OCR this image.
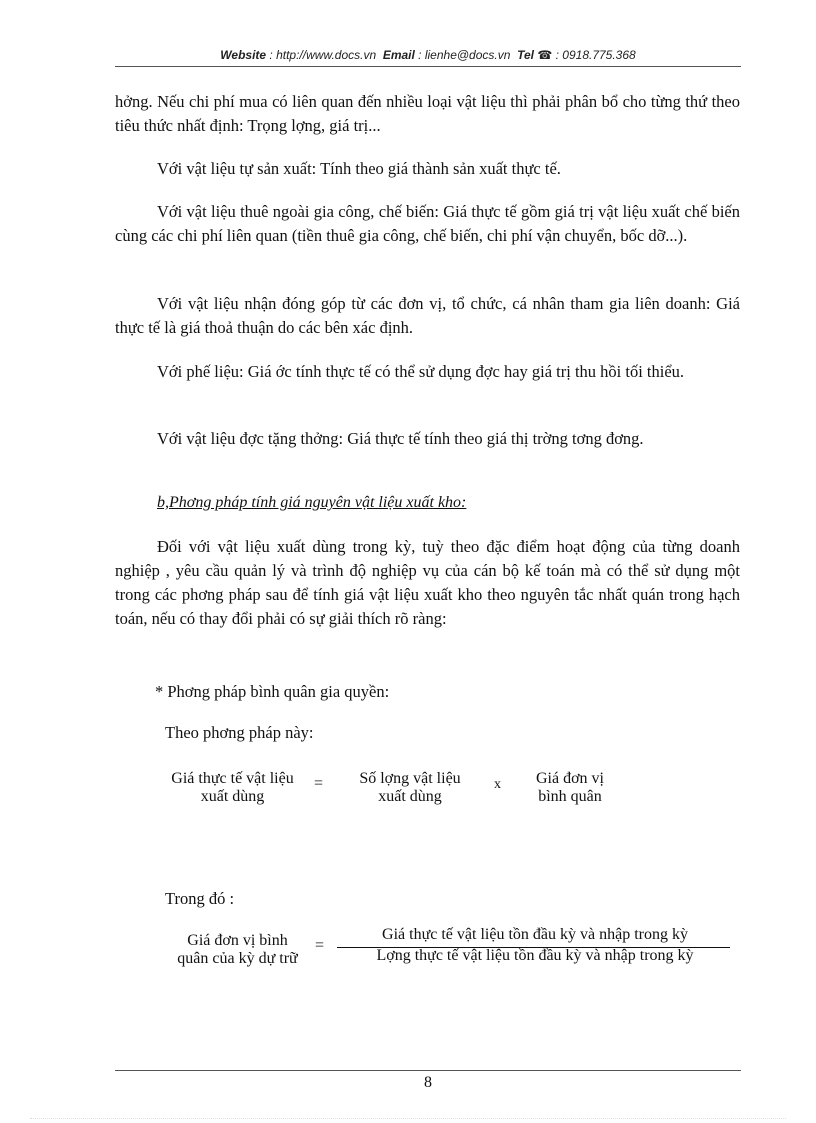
Website : http://www.docs.vn Email : lienhe@docs.vn Tel ☎ : 0918.775.368

hởng. Nếu chi phí mua có liên quan đến nhiều loại vật liệu thì phải phân bổ cho từng thứ theo tiêu thức nhất định: Trọng lợng, giá trị...

Với vật liệu tự sản xuất: Tính theo giá thành sản xuất thực tế.

Với vật liệu thuê ngoài gia công, chế biến: Giá thực tế gồm giá trị vật liệu xuất chế biến cùng các chi phí liên quan (tiền thuê gia công, chế biến, chi phí vận chuyển, bốc dỡ...).

Với vật liệu nhận đóng góp từ các đơn vị, tổ chức, cá nhân tham gia liên doanh: Giá thực tế là giá thoả thuận do các bên xác định.

Với phế liệu: Giá ớc tính thực tế có thể sử dụng đợc hay giá trị thu hồi tối thiểu.

Với vật liệu đợc tặng thởng: Giá thực tế tính theo giá thị trờng tơng đơng.

b,Phơng pháp tính giá nguyên vật liệu xuất kho:

Đối với vật liệu xuất dùng trong kỳ, tuỳ theo đặc điểm hoạt động của từng doanh nghiệp , yêu cầu quản lý và trình độ nghiệp vụ của cán bộ kế toán mà có thể sử dụng một trong các phơng pháp sau để tính giá vật liệu xuất kho theo nguyên tắc nhất quán trong hạch toán, nếu có thay đổi phải có sự giải thích rõ ràng:

* Phơng pháp bình quân gia quyền:
Theo phơng pháp này:
Giá thực tế vật liệu
xuất dùng
=	Số lợng vật liệu
xuất dùng
x	Giá đơn vị
bình quân
Trong đó :
Giá đơn vị bình
quân của kỳ dự trữ
=
Giá thực tế vật liệu tồn đầu kỳ và nhập trong kỳ
Lợng thực tế vật liệu tồn đầu kỳ và nhập trong kỳ
8
